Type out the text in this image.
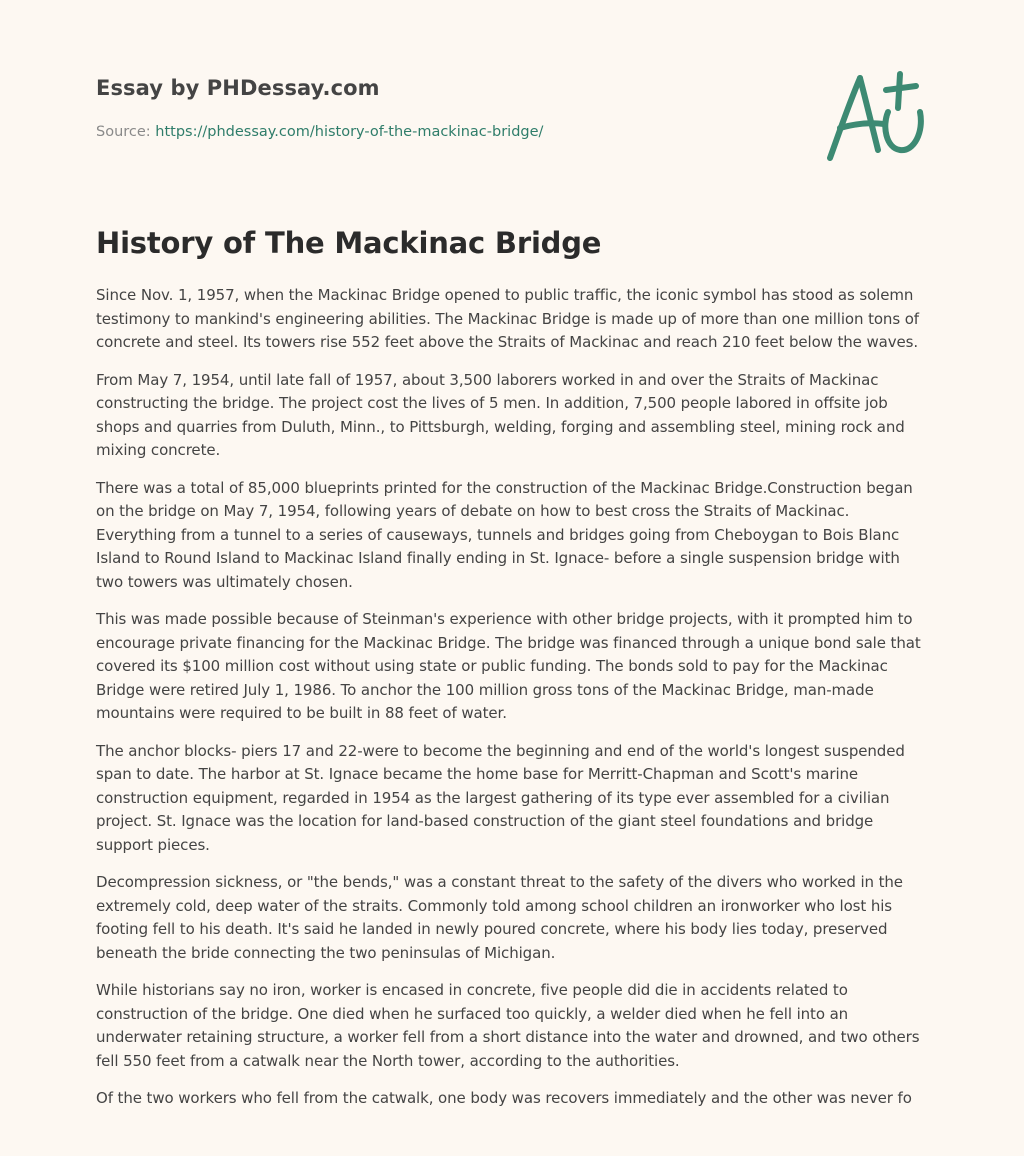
Essay by PHDessay.com
Source: https://phdessay.com/history-of-the-mackinac-bridge/
History of The Mackinac Bridge

Since Nov. 1, 1957, when the Mackinac Bridge opened to public traffic, the iconic symbol has stood as solemn testimony to mankind's engineering abilities. The Mackinac Bridge is made up of more than one million tons of concrete and steel. Its towers rise 552 feet above the Straits of Mackinac and reach 210 feet below the waves.

From May 7, 1954, until late fall of 1957, about 3,500 laborers worked in and over the Straits of Mackinac constructing the bridge. The project cost the lives of 5 men. In addition, 7,500 people labored in offsite job shops and quarries from Duluth, Minn., to Pittsburgh, welding, forging and assembling steel, mining rock and mixing concrete.

There was a total of 85,000 blueprints printed for the construction of the Mackinac Bridge.Construction began on the bridge on May 7, 1954, following years of debate on how to best cross the Straits of Mackinac. Everything from a tunnel to a series of causeways, tunnels and bridges going from Cheboygan to Bois Blanc Island to Round Island to Mackinac Island finally ending in St. Ignace- before a single suspension bridge with two towers was ultimately chosen.

This was made possible because of Steinman's experience with other bridge projects, with it prompted him to encourage private financing for the Mackinac Bridge. The bridge was financed through a unique bond sale that covered its $100 million cost without using state or public funding. The bonds sold to pay for the Mackinac Bridge were retired July 1, 1986. To anchor the 100 million gross tons of the Mackinac Bridge, man-made mountains were required to be built in 88 feet of water.

The anchor blocks- piers 17 and 22-were to become the beginning and end of the world's longest suspended span to date. The harbor at St. Ignace became the home base for Merritt-Chapman and Scott's marine construction equipment, regarded in 1954 as the largest gathering of its type ever assembled for a civilian project. St. Ignace was the location for land-based construction of the giant steel foundations and bridge support pieces.

Decompression sickness, or "the bends," was a constant threat to the safety of the divers who worked in the extremely cold, deep water of the straits. Commonly told among school children an ironworker who lost his footing fell to his death. It's said he landed in newly poured concrete, where his body lies today, preserved beneath the bride connecting the two peninsulas of Michigan.

While historians say no iron, worker is encased in concrete, five people did die in accidents related to construction of the bridge. One died when he surfaced too quickly, a welder died when he fell into an underwater retaining structure, a worker fell from a short distance into the water and drowned, and two others fell 550 feet from a catwalk near the North tower, according to the authorities.

Of the two workers who fell from the catwalk, one body was recovers immediately and the other was never fo
